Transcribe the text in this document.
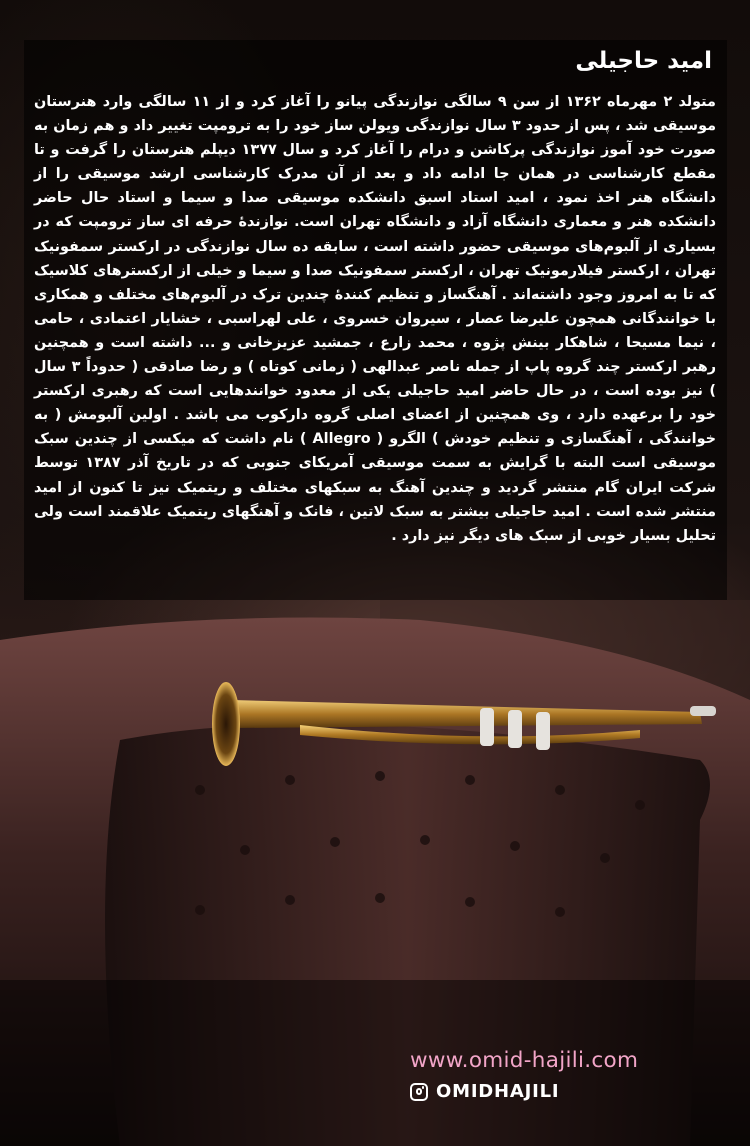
امید حاجیلی
متولد ۲ مهرماه ۱۳۶۲ از سن ۹ سالگی نوازندگی پیانو را آغاز کرد و از ۱۱ سالگی وارد هنرستان موسیقی شد ، پس از حدود ۳ سال نوازندگی ویولن ساز خود را به ترومپت تغییر داد و هم زمان به صورت خود آموز نوازندگی پرکاشن و درام را آغاز کرد و سال ۱۳۷۷ دیپلم هنرستان را گرفت و تا مقطع کارشناسی در همان جا ادامه داد و بعد از آن مدرک کارشناسی ارشد موسیقی را از دانشگاه هنر اخذ نمود ، امید استاد اسبق دانشکده موسیقی صدا و سیما و استاد حال حاضر دانشکده هنر و معماری دانشگاه آزاد و دانشگاه تهران است. نوازندهٔ حرفه ای ساز ترومپت که در بسیاری از آلبوم‌های موسیقی حضور داشته است ، سابقه ده سال نوازندگی در ارکستر سمفونیک تهران ، ارکستر فیلارمونیک تهران ، ارکستر سمفونیک صدا و سیما و خیلی از ارکسترهای کلاسیک که تا به امروز وجود داشته‌اند . آهنگساز و تنظیم کنندهٔ چندین ترک در آلبوم‌های مختلف و همکاری با خوانندگانی همچون علیرضا عصار ، سیروان خسروی ، علی لهراسبی ، خشایار اعتمادی ، حامی ، نیما مسیحا ، شاهکار بینش پژوه ، محمد زارع ، جمشید عزیزخانی و ... داشته است و همچنین رهبر ارکستر چند گروه پاپ از جمله ناصر عبدالهی ( زمانی کوتاه ) و رضا صادقی ( حدوداً ۳ سال ) نیز بوده است ، در حال حاضر امید حاجیلی یکی از معدود خوانندهایی است که رهبری ارکستر خود را برعهده دارد ، وی همچنین از اعضای اصلی گروه داركوب می باشد . اولین آلبومش ( به خوانندگی ، آهنگسازی و تنظیم خودش ) الگرو ( Allegro ) نام داشت که میکسی از چندین سبک موسیقی است البته با گرایش به سمت موسیقی آمریکای جنوبی که در تاریخ آذر ۱۳۸۷ توسط شرکت ایران گام منتشر گردید و چندین آهنگ به سبکهای مختلف و ریتمیک نیز تا کنون از امید منتشر شده است . امید حاجیلی بیشتر به سبک لاتین ، فانک و آهنگهای ریتمیک علاقمند است ولی تحلیل بسیار خوبی از سبک های دیگر نیز دارد .
www.omid-hajili.com
OMIDHAJILI
